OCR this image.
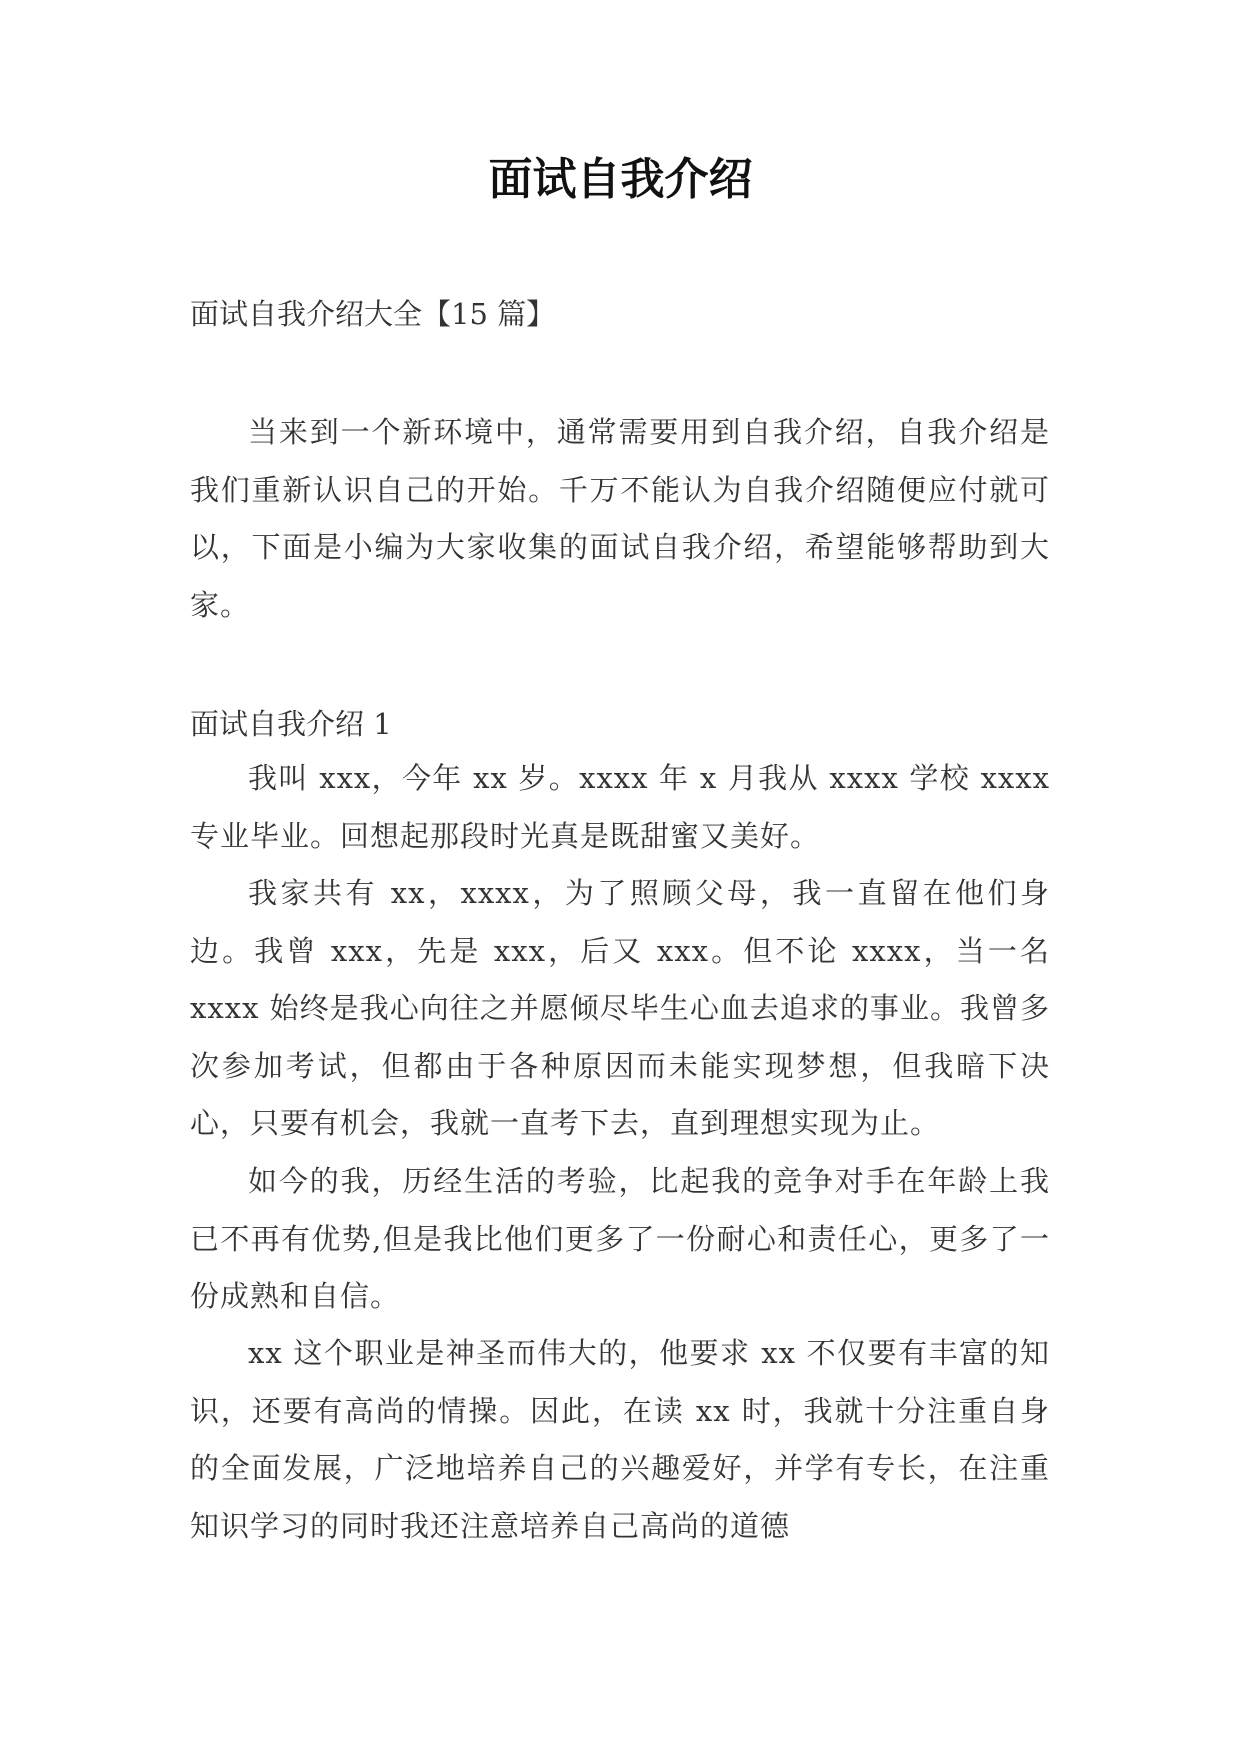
面试自我介绍

面试自我介绍大全【15 篇】

当来到一个新环境中，通常需要用到自我介绍，自我介绍是我们重新认识自己的开始。千万不能认为自我介绍随便应付就可以，下面是小编为大家收集的面试自我介绍，希望能够帮助到大家。

面试自我介绍 1

我叫 xxx，今年 xx 岁。xxxx 年 x 月我从 xxxx 学校 xxxx 专业毕业。回想起那段时光真是既甜蜜又美好。

我家共有 xx，xxxx，为了照顾父母，我一直留在他们身边。我曾 xxx，先是 xxx，后又 xxx。但不论 xxxx，当一名 xxxx 始终是我心向往之并愿倾尽毕生心血去追求的事业。我曾多次参加考试，但都由于各种原因而未能实现梦想，但我暗下决心，只要有机会，我就一直考下去，直到理想实现为止。

如今的我，历经生活的考验，比起我的竞争对手在年龄上我已不再有优势,但是我比他们更多了一份耐心和责任心，更多了一份成熟和自信。

xx 这个职业是神圣而伟大的，他要求 xx 不仅要有丰富的知识，还要有高尚的情操。因此，在读 xx 时，我就十分注重自身的全面发展，广泛地培养自己的兴趣爱好，并学有专长，在注重知识学习的同时我还注意培养自己高尚的道德
